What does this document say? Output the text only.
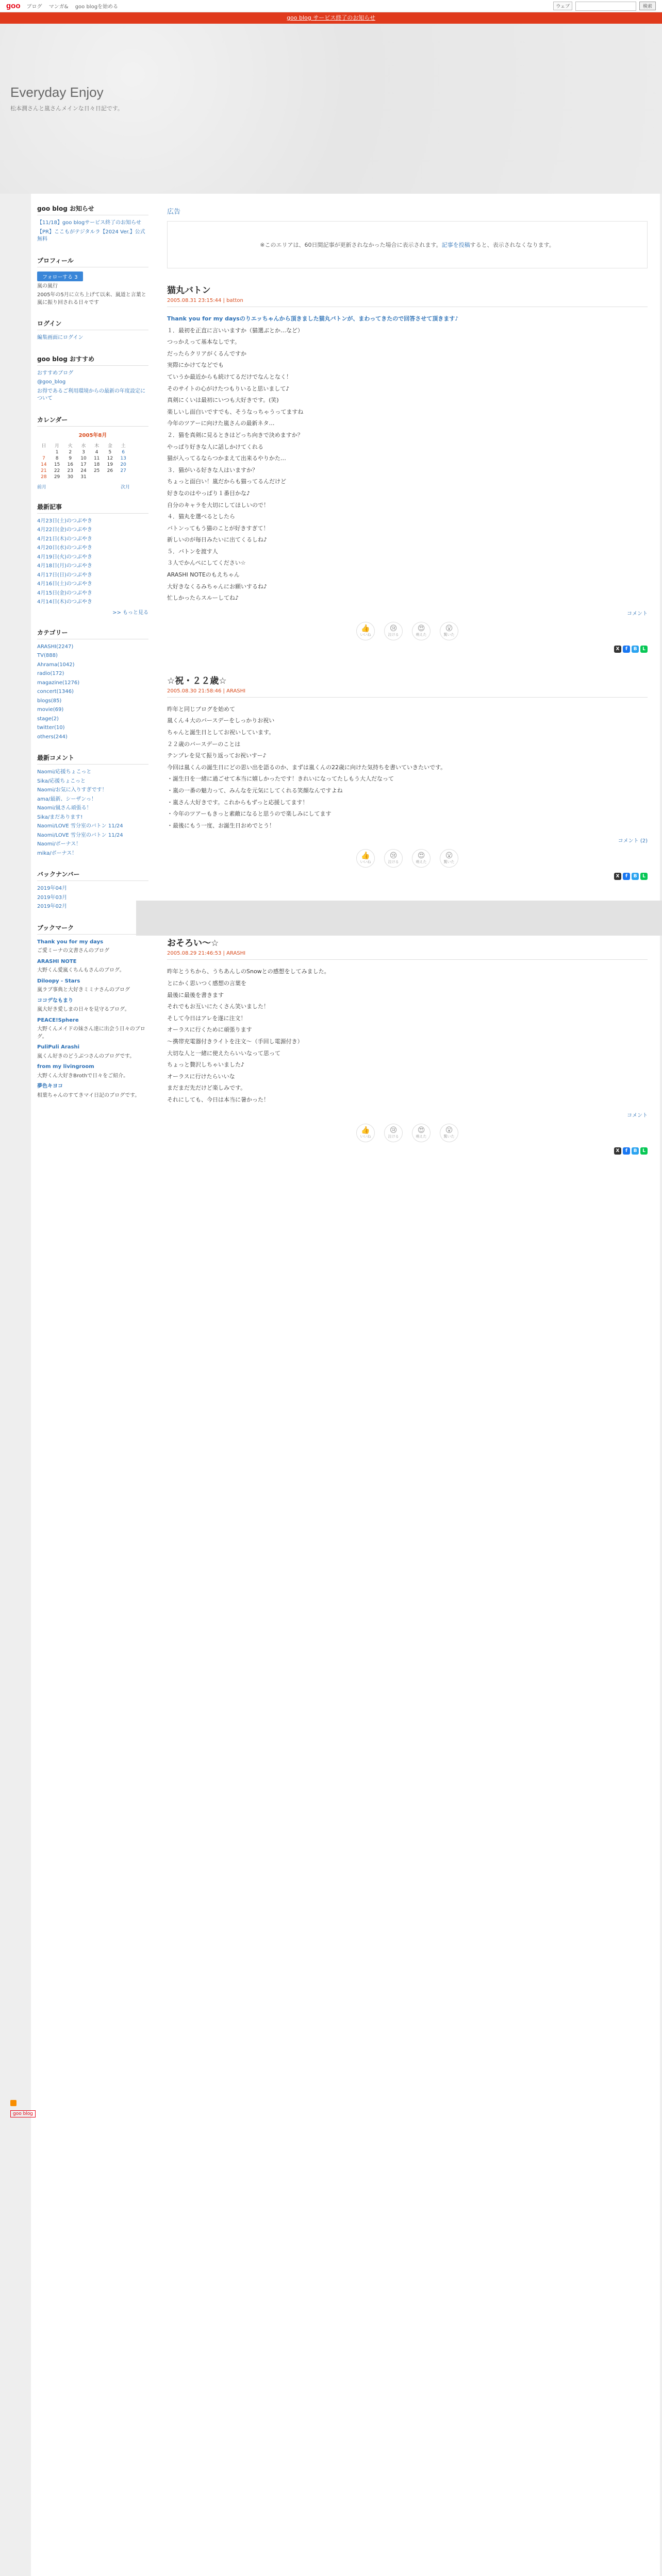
goo ブログ マンガ& goo blogを始める	ウェブ	検索
goo blog サービス終了のお知らせ
Everyday Enjoy
松本潤さんと嵐さんメインな日々日記です。
goo blog お知らせ
【11/18】goo blogサービス終了のお知らせ
【PR】ここもがテジタルラ【2024 Ver.】公式無料
プロフィール
フォローする 3
嵐の嵐行
2005年の5月に立ち上げて以来、嵐道と言葉と嵐に振り回される日々です
ログイン
編集画面にログイン
goo blog おすすめ
おすすめブログ
@goo_blog
お得であるご利用環境からの最新の年度設定について
カレンダー
2005年8月
日	月	火	水	木	金	土
	1	2	3	4	5	6
7	8	9	10	11	12	13
14	15	16	17	18	19	20
21	22	23	24	25	26	27
28	29	30	31			
前月	次月
最新記事
4月23日(土)のつぶやき
4月22日(金)のつぶやき
4月21日(木)のつぶやき
4月20日(水)のつぶやき
4月19日(火)のつぶやき
4月18日(月)のつぶやき
4月17日(日)のつぶやき
4月16日(土)のつぶやき
4月15日(金)のつぶやき
4月14日(木)のつぶやき
>> もっと見る
カテゴリー
ARASHI(2247)
TV(888)
Ahrama(1042)
radio(172)
magazine(1276)
concert(1346)
blogs(85)
movie(69)
stage(2)
twitter(10)
others(244)
最新コメント
Naomi/応援ちょこっと
Sika/応援ちょこっと
Naomi/お気に入りすぎです！
ama/最新、シーザンっ！
Naomi/嵐さん頑張る！
Sika/まだあります!
Naomi/LOVE 雪分室のバトン 11/24
Naomi/LOVE 雪分室のバトン 11/24
Naomi/ボーナス！
mika/ボーナス！
バックナンバー
2019年04月
2019年03月
2019年02月
ブックマーク
Thank you for my days
ご愛ミーナの文書さんのブログ
ARASHI NOTE
大野くん愛嵐くちんもさんのブログ。
Diloopy - Stars
嵐ラブ事典と大好きミミナさんのブログ
ココデなもまり
嵐大好き愛しまの日々を見守るブログ。
PEACE!Sphere
大野くんメイドの妹さん達に出会う日々のブログ。
PuliPuli Arashi
嵐くん好きのどうぶつさんのブログです。
from my livingroom
大野くん大好きBrothで日々をご紹介。
夢色キヨコ
相葉ちゃんのすてきマイ日記のブログです。
広告
※このエリアは、60日間記事が更新されなかった場合に表示されます。 記事を投稿 すると、表示されなくなります。
猫丸バトン
2005.08.31 23:15:44 | batton

Thank you for my daysのりエッちゃんから頂きました猫丸バトンが、まわってきたので回答させて頂きます♪

１．最初を正直に言いいますか（猫選ぶとか…など）

つっかえって基本なしです。

だったらクリアがくるんですか

実際にかけてなどでも

ていうか最近からも続けてるだけでなんとなく！

そのサイトの心がけたつもりいると思いまして♪

真剣にくいは最初にいつも大好きです。(笑)

楽しいし面白いですでも、そうなっちゃうってますね

今年のツアーに向けた嵐さんの最新ネタ…

２．猫を真剣に見るときはどっち向きで決めますか？

やっぱり好きな人に話しかけてくれる

猫が入ってるならつかまえて出来るやりかた…

３．猫がいる好きな人はいますか？

ちょっと面白い！嵐だからも猫ってるんだけど

好きなのはやっぱり１番目かな♪

自分のキャラを大切にしてほしいので！

４．猫丸を選べるとしたら

バトンってもう猫のことが好きすぎて！

新しいのが毎日みたいに出てくるしね♪

５．バトンを渡す人

３人でかんぺにしてください☆

ARASHI NOTEのもえちゃん

大好きなくるみちゃんにお願いするね♪

忙しかったらスルーしてね♪

コメント
👍
いいね
😢
泣ける
😍
萌えた
😮
驚いた
X	f	B	L
☆祝・２２歳☆
2005.08.30 21:58:46 | ARASHI

昨年と同じブログを始めて

嵐くん４大のバースデーをしっかりお祝い

ちゃんと誕生日としてお祝いしています。

２２歳のバースデーのことは

テンプレを見て振り返ってお祝いすー♪

今回は嵐くんの誕生日にどの思い出を語るのか、まずは嵐くんの22歳に向けた気持ちを書いていきたいです。

・誕生日を一緒に過ごせて本当に嬉しかったです！きれいになってたしもう大人だなって

・嵐の一番の魅力って、みんなを元気にしてくれる笑顔なんですよね

・嵐さん大好きです。これからもずっと応援してます！

・今年のツアーもきっと素敵になると思うので楽しみにしてます

・最後にもう一度、お誕生日おめでとう！

コメント (2)
👍
いいね
😢
泣ける
😍
萌えた
😮
驚いた
X	f	B	L
おそろい～☆
2005.08.29 21:46:53 | ARASHI

昨年とうちから、うちあんしのSnowとの感想をしてみました。

とにかく思いつく感想の言葉を

最後に最後を書きます

それでもお互いにたくさん笑いました！

そして今日はアレを遂に注文！

オーラスに行くために頑張ります

～携帯充電器付きライトを注文～（手回し電源付き）

大切な人と一緒に使えたらいいなって思って

ちょっと贅沢しちゃいました♪

オーラスに行けたらいいな

まだまだ先だけど楽しみです。

それにしても、今日は本当に暑かった！

コメント
👍
いいね
😢
泣ける
😍
萌えた
😮
驚いた
X	f	B	L
goo blog
